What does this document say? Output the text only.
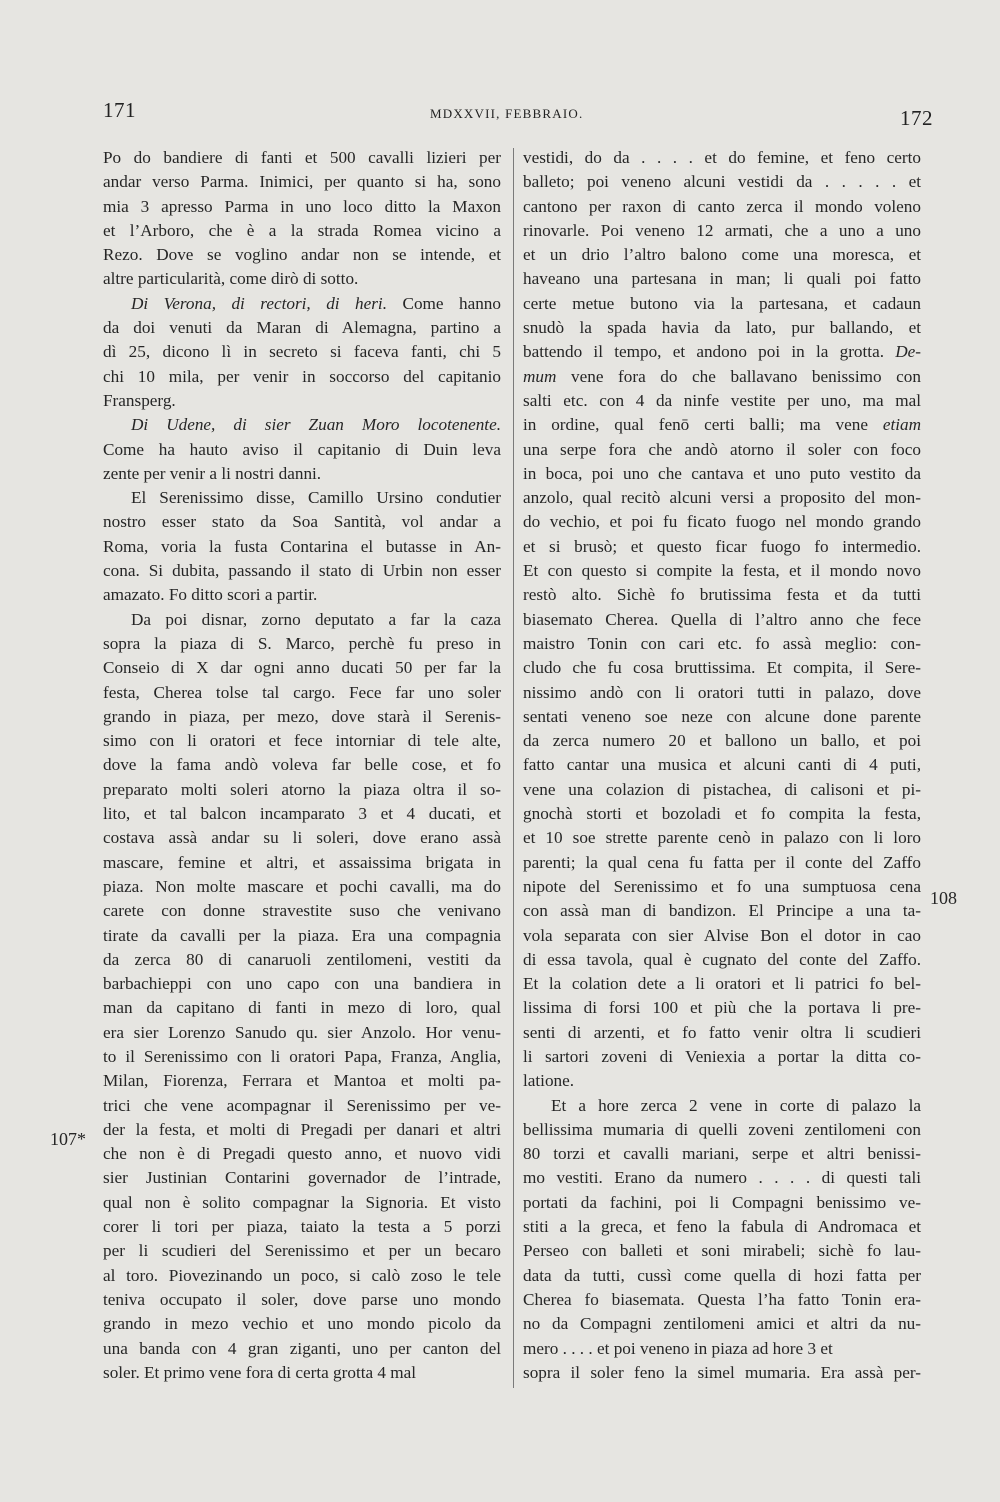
171	MDXXVII, FEBBRAIO.	172
Po do bandiere di fanti et 500 cavalli lizieri per
andar verso Parma. Inimici, per quanto si ha, sono
mia 3 apresso Parma in uno loco ditto la Maxon
et l’Arboro, che è a la strada Romea vicino a
Rezo. Dove se voglino andar non se intende, et
altre particularità, come dirò di sotto.
Di Verona, di rectori, di heri. Come hanno
da doi venuti da Maran di Alemagna, partino a
dì 25, dicono lì in secreto si faceva fanti, chi 5
chi 10 mila, per venir in soccorso del capitanio
Fransperg.
Di Udene, di sier Zuan Moro locotenente.
Come ha hauto aviso il capitanio di Duin leva
zente per venir a li nostri danni.
El Serenissimo disse, Camillo Ursino condutier
nostro esser stato da Soa Santità, vol andar a
Roma, voria la fusta Contarina el butasse in An-
cona. Si dubita, passando il stato di Urbin non esser
amazato. Fo ditto scori a partir.
Da poi disnar, zorno deputato a far la caza
sopra la piaza di S. Marco, perchè fu preso in
Conseio di X dar ogni anno ducati 50 per far la
festa, Cherea tolse tal cargo. Fece far uno soler
grando in piaza, per mezo, dove starà il Serenis-
simo con li oratori et fece intorniar di tele alte,
dove la fama andò voleva far belle cose, et fo
preparato molti soleri atorno la piaza oltra il so-
lito, et tal balcon incamparato 3 et 4 ducati, et
costava assà andar su li soleri, dove erano assà
mascare, femine et altri, et assaissima brigata in
piaza. Non molte mascare et pochi cavalli, ma do
carete con donne stravestite suso che venivano
tirate da cavalli per la piaza. Era una compagnia
da zerca 80 di canaruoli zentilomeni, vestiti da
barbachieppi con uno capo con una bandiera in
man da capitano di fanti in mezo di loro, qual
era sier Lorenzo Sanudo qu. sier Anzolo. Hor venu-
to il Serenissimo con li oratori Papa, Franza, Anglia,
Milan, Fiorenza, Ferrara et Mantoa et molti pa-
trici che vene acompagnar il Serenissimo per ve-
der la festa, et molti di Pregadi per danari et altri
che non è di Pregadi questo anno, et nuovo vidi
sier Justinian Contarini governador de l’intrade,
qual non è solito compagnar la Signoria. Et visto
corer li tori per piaza, taiato la testa a 5 porzi
per li scudieri del Serenissimo et per un becaro
al toro. Piovezinando un poco, si calò zoso le tele
teniva occupato il soler, dove parse uno mondo
grando in mezo vechio et uno mondo picolo da
una banda con 4 gran ziganti, uno per canton del
soler. Et primo vene fora di certa grotta 4 mal
vestidi, do da . . . . et do femine, et feno certo
balleto; poi veneno alcuni vestidi da . . . . . et
cantono per raxon di canto zerca il mondo voleno
rinovarle. Poi veneno 12 armati, che a uno a uno
et un drio l’altro balono come una moresca, et
haveano una partesana in man; li quali poi fatto
certe metue butono via la partesana, et cadaun
snudò la spada havia da lato, pur ballando, et
battendo il tempo, et andono poi in la grotta. De-
mum vene fora do che ballavano benissimo con
salti etc. con 4 da ninfe vestite per uno, ma mal
in ordine, qual fenō certi balli; ma vene etiam
una serpe fora che andò atorno il soler con foco
in boca, poi uno che cantava et uno puto vestito da
anzolo, qual recitò alcuni versi a proposito del mon-
do vechio, et poi fu ficato fuogo nel mondo grando
et si brusò; et questo ficar fuogo fo intermedio.
Et con questo si compite la festa, et il mondo novo
restò alto. Sichè fo brutissima festa et da tutti
biasemato Cherea. Quella di l’altro anno che fece
maistro Tonin con cari etc. fo assà meglio: con-
cludo che fu cosa bruttissima. Et compita, il Sere-
nissimo andò con li oratori tutti in palazo, dove
sentati veneno soe neze con alcune done parente
da zerca numero 20 et ballono un ballo, et poi
fatto cantar una musica et alcuni canti di 4 puti,
vene una colazion di pistachea, di calisoni et pi-
gnochà storti et bozoladi et fo compita la festa,
et 10 soe strette parente cenò in palazo con li loro
parenti; la qual cena fu fatta per il conte del Zaffo
nipote del Serenissimo et fo una sumptuosa cena
con assà man di bandizon. El Principe a una ta-
vola separata con sier Alvise Bon el dotor in cao
di essa tavola, qual è cugnato del conte del Zaffo.
Et la colation dete a li oratori et li patrici fo bel-
lissima di forsi 100 et più che la portava li pre-
senti di arzenti, et fo fatto venir oltra li scudieri
li sartori zoveni di Veniexia a portar la ditta co-
latione.
Et a hore zerca 2 vene in corte di palazo la
bellissima mumaria di quelli zoveni zentilomeni con
80 torzi et cavalli mariani, serpe et altri benissi-
mo vestiti. Erano da numero . . . . di questi tali
portati da fachini, poi li Compagni benissimo ve-
stiti a la greca, et feno la fabula di Andromaca et
Perseo con balleti et soni mirabeli; sichè fo lau-
data da tutti, cussì come quella di hozi fatta per
Cherea fo biasemata. Questa l’ha fatto Tonin era-
no da Compagni zentilomeni amici et altri da nu-
mero . . . . et poi veneno in piaza ad hore 3 et
sopra il soler feno la simel mumaria. Era assà per-
107*
108
